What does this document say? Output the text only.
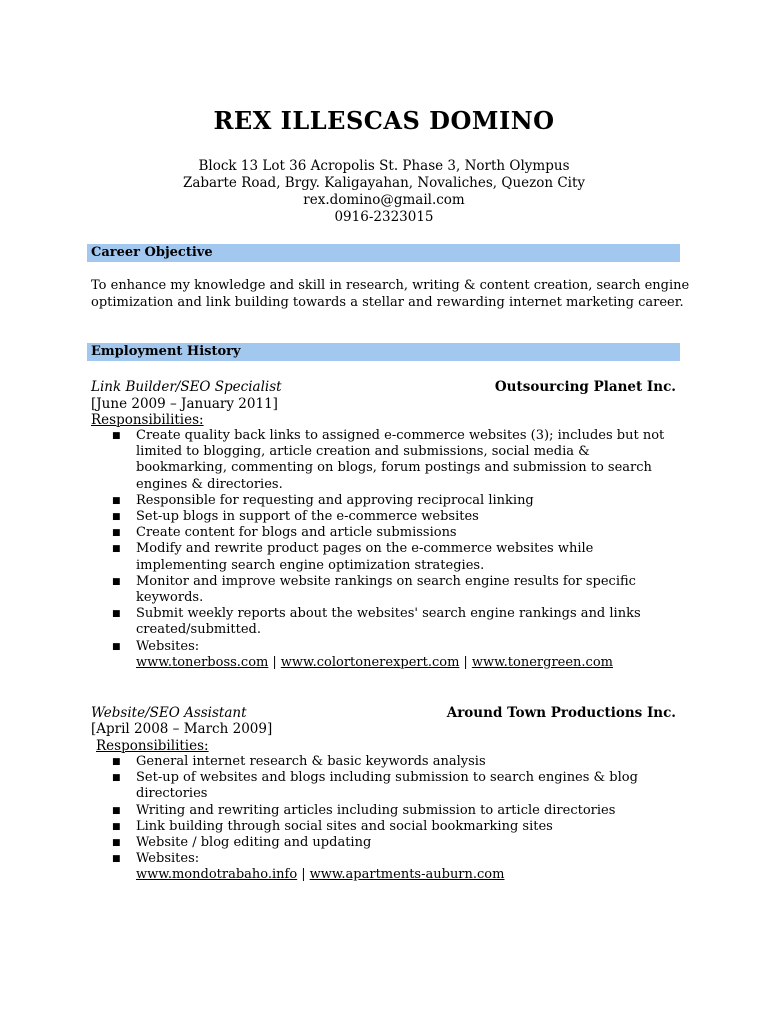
REX ILLESCAS DOMINO
Block 13 Lot 36 Acropolis St. Phase 3, North Olympus
Zabarte Road, Brgy. Kaligayahan, Novaliches, Quezon City
rex.domino@gmail.com
0916-2323015
Career Objective
To enhance my knowledge and skill in research, writing & content creation, search engine optimization and link building towards a stellar and rewarding internet marketing career.
Employment History
Link Builder/SEO Specialist	Outsourcing Planet Inc.
[June 2009 – January 2011]
Responsibilities:
■ Create quality back links to assigned e-commerce websites (3); includes but not limited to blogging, article creation and submissions, social media & bookmarking, commenting on blogs, forum postings and submission to search engines & directories.
■ Responsible for requesting and approving reciprocal linking
■ Set-up blogs in support of the e-commerce websites
■ Create content for blogs and article submissions
■ Modify and rewrite product pages on the e-commerce websites while implementing search engine optimization strategies.
■ Monitor and improve website rankings on search engine results for specific keywords.
■ Submit weekly reports about the websites' search engine rankings and links created/submitted.
■ Websites:
www.tonerboss.com | www.colortonerexpert.com | www.tonergreen.com
Website/SEO Assistant	Around Town Productions Inc.
[April 2008 – March 2009]
Responsibilities:
■ General internet research & basic keywords analysis
■ Set-up of websites and blogs including submission to search engines & blog directories
■ Writing and rewriting articles including submission to article directories
■ Link building through social sites and social bookmarking sites
■ Website / blog editing and updating
■ Websites:
www.mondotrabaho.info | www.apartments-auburn.com
